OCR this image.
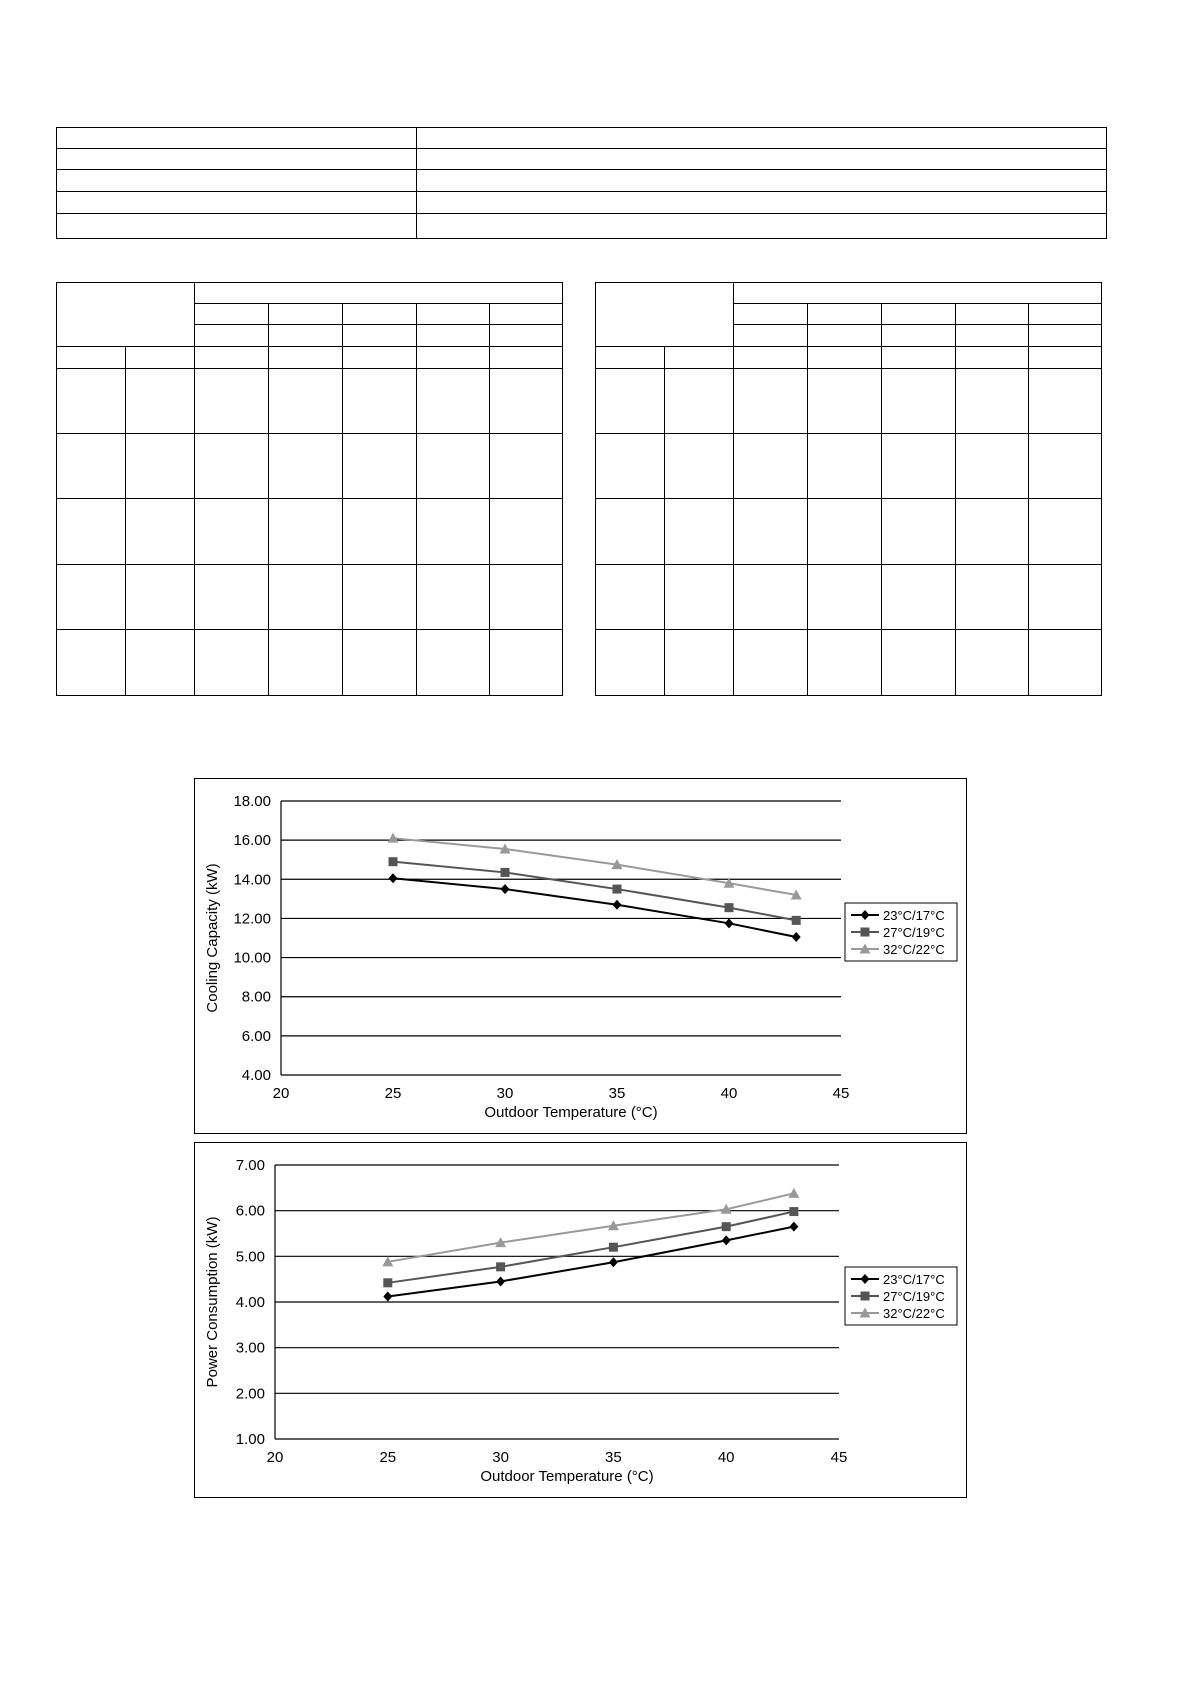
18.00
16.00
14.00
12.00
10.00
8.00
6.00
4.00
20	25	30	35	40	45
Outdoor Temperature (°C)
Cooling Capacity (kW)	23°C/17°C
27°C/19°C
32°C/22°C
7.00
6.00
5.00
4.00
3.00
2.00
1.00
20	25	30	35	40	45
Outdoor Temperature (°C)
Power Consumption (kW)	23°C/17°C
27°C/19°C
32°C/22°C
